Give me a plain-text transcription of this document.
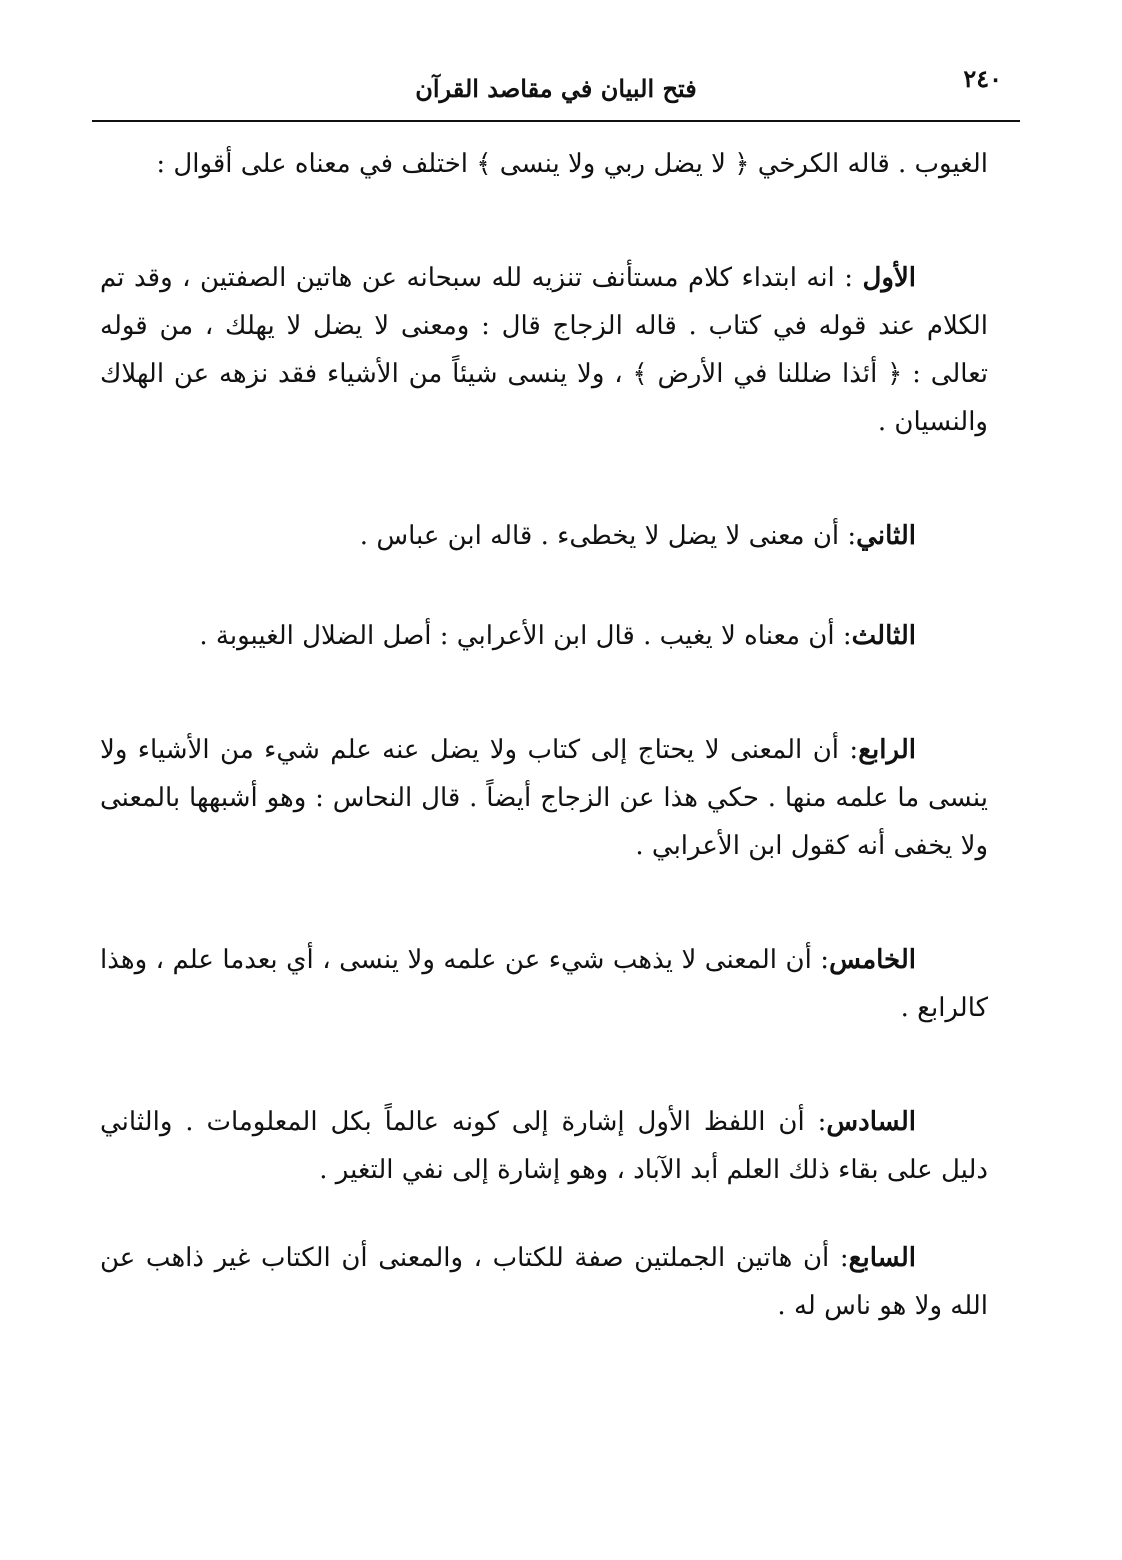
٢٤٠
فتح البيان في مقاصد القرآن

الغيوب . قاله الكرخي ﴿ لا يضل ربي ولا ينسى ﴾ اختلف في معناه على أقوال :

الأول : انه ابتداء كلام مستأنف تنزيه لله سبحانه عن هاتين الصفتين ، وقد تم الكلام عند قوله في كتاب . قاله الزجاج قال : ومعنى لا يضل لا يهلك ، من قوله تعالى : ﴿ أئذا ضللنا في الأرض ﴾ ، ولا ينسى شيئاً من الأشياء فقد نزهه عن الهلاك والنسيان .

الثاني: أن معنى لا يضل لا يخطىء . قاله ابن عباس .

الثالث: أن معناه لا يغيب . قال ابن الأعرابي : أصل الضلال الغيبوبة .

الرابع: أن المعنى لا يحتاج إلى كتاب ولا يضل عنه علم شيء من الأشياء ولا ينسى ما علمه منها . حكي هذا عن الزجاج أيضاً . قال النحاس : وهو أشبهها بالمعنى ولا يخفى أنه كقول ابن الأعرابي .

الخامس: أن المعنى لا يذهب شيء عن علمه ولا ينسى ، أي بعدما علم ، وهذا كالرابع .

السادس: أن اللفظ الأول إشارة إلى كونه عالماً بكل المعلومات . والثاني دليل على بقاء ذلك العلم أبد الآباد ، وهو إشارة إلى نفي التغير .

السابع: أن هاتين الجملتين صفة للكتاب ، والمعنى أن الكتاب غير ذاهب عن الله ولا هو ناس له .
